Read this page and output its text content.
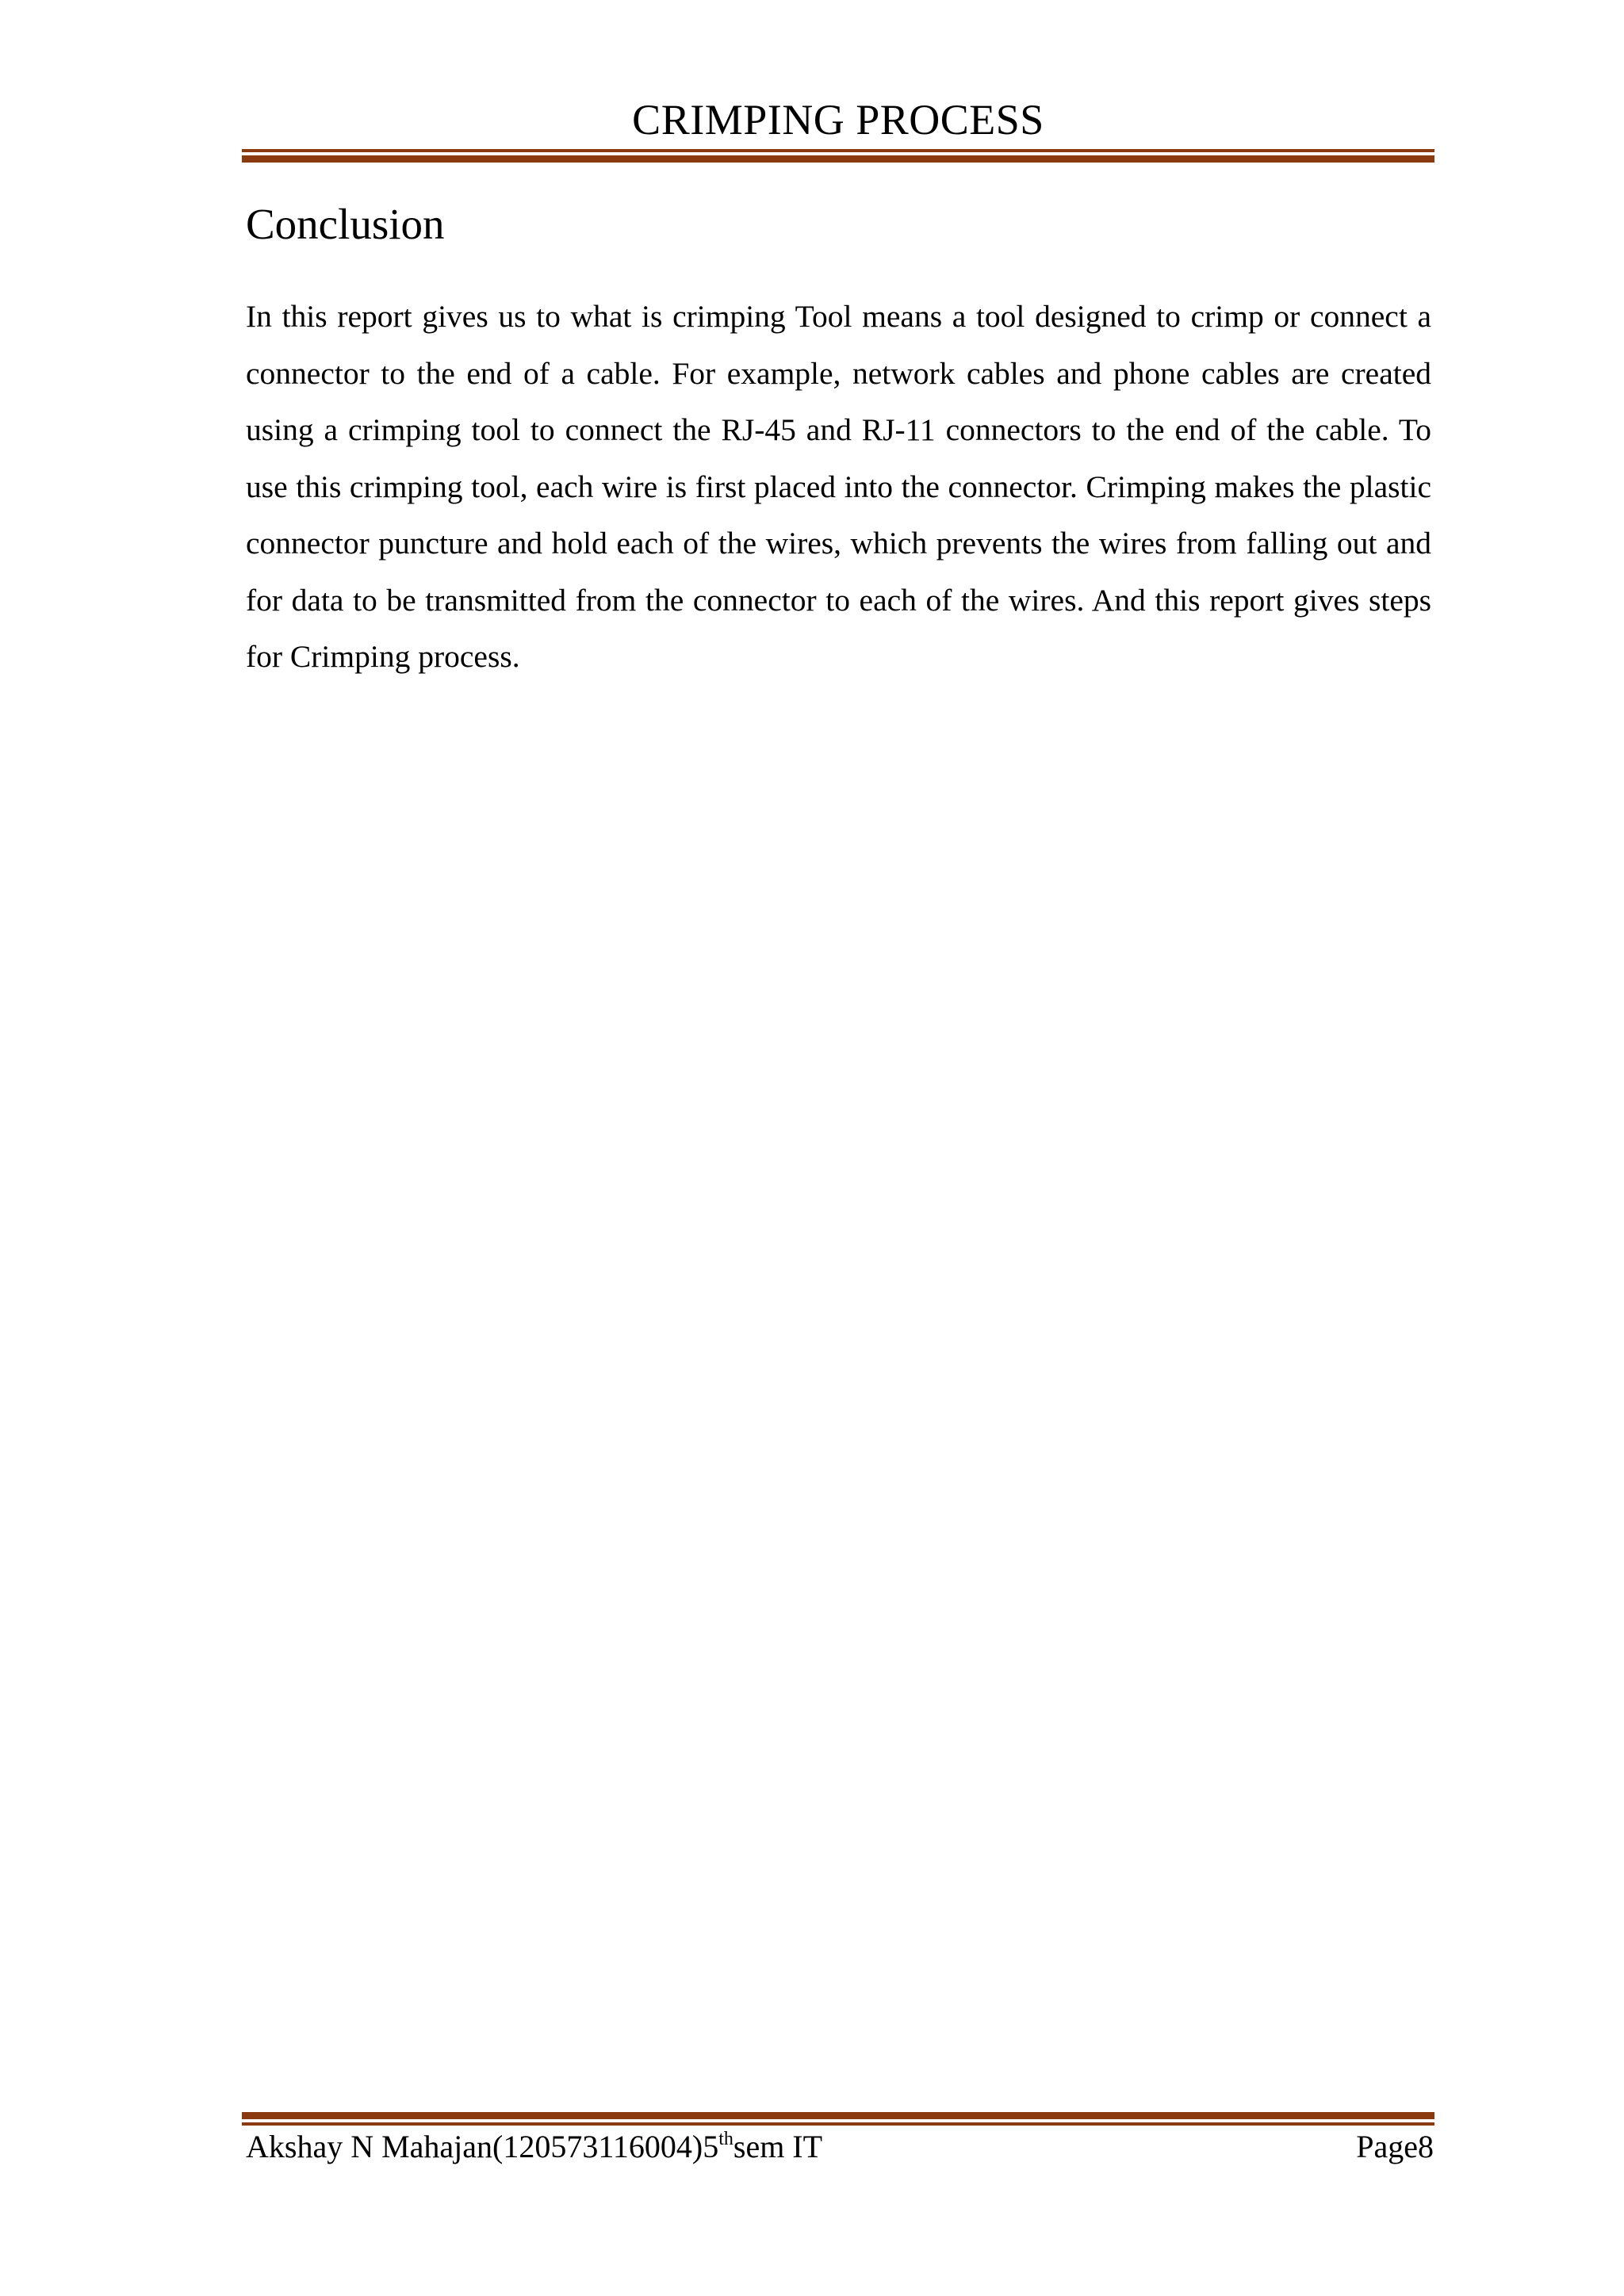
CRIMPING PROCESS
Conclusion

In this report gives us to what is crimping Tool means a tool designed to crimp or connect a connector to the end of a cable. For example, network cables and phone cables are created using a crimping tool to connect the RJ-45 and RJ-11 connectors to the end of the cable. To use this crimping tool, each wire is first placed into the connector. Crimping makes the plastic connector puncture and hold each of the wires, which prevents the wires from falling out and for data to be transmitted from the connector to each of the wires. And this report gives steps for Crimping process.

Akshay N Mahajan(120573116004)5thsem IT	Page8
